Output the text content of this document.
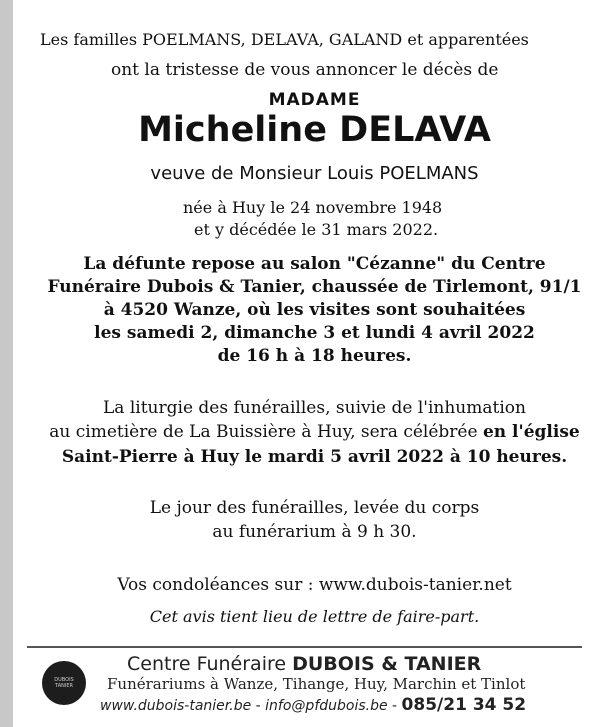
Les familles POELMANS, DELAVA, GALAND et apparentées
ont la tristesse de vous annoncer le décès de
MADAME
Micheline DELAVA
veuve de Monsieur Louis POELMANS
née à Huy le 24 novembre 1948
et y décédée le 31 mars 2022.
La défunte repose au salon "Cézanne" du Centre
Funéraire Dubois & Tanier, chaussée de Tirlemont, 91/1
à 4520 Wanze, où les visites sont souhaitées
les samedi 2, dimanche 3 et lundi 4 avril 2022
de 16 h à 18 heures.
La liturgie des funérailles, suivie de l'inhumation
au cimetière de La Buissière à Huy, sera célébrée en l'église
Saint-Pierre à Huy le mardi 5 avril 2022 à 10 heures.
Le jour des funérailles, levée du corps
au funérarium à 9 h 30.
Vos condoléances sur : www.dubois-tanier.net
Cet avis tient lieu de lettre de faire-part.
DUBOIS
TANIER
Centre Funéraire DUBOIS & TANIER
Funérariums à Wanze, Tihange, Huy, Marchin et Tinlot
www.dubois-tanier.be - info@pfdubois.be - 085/21 34 52
